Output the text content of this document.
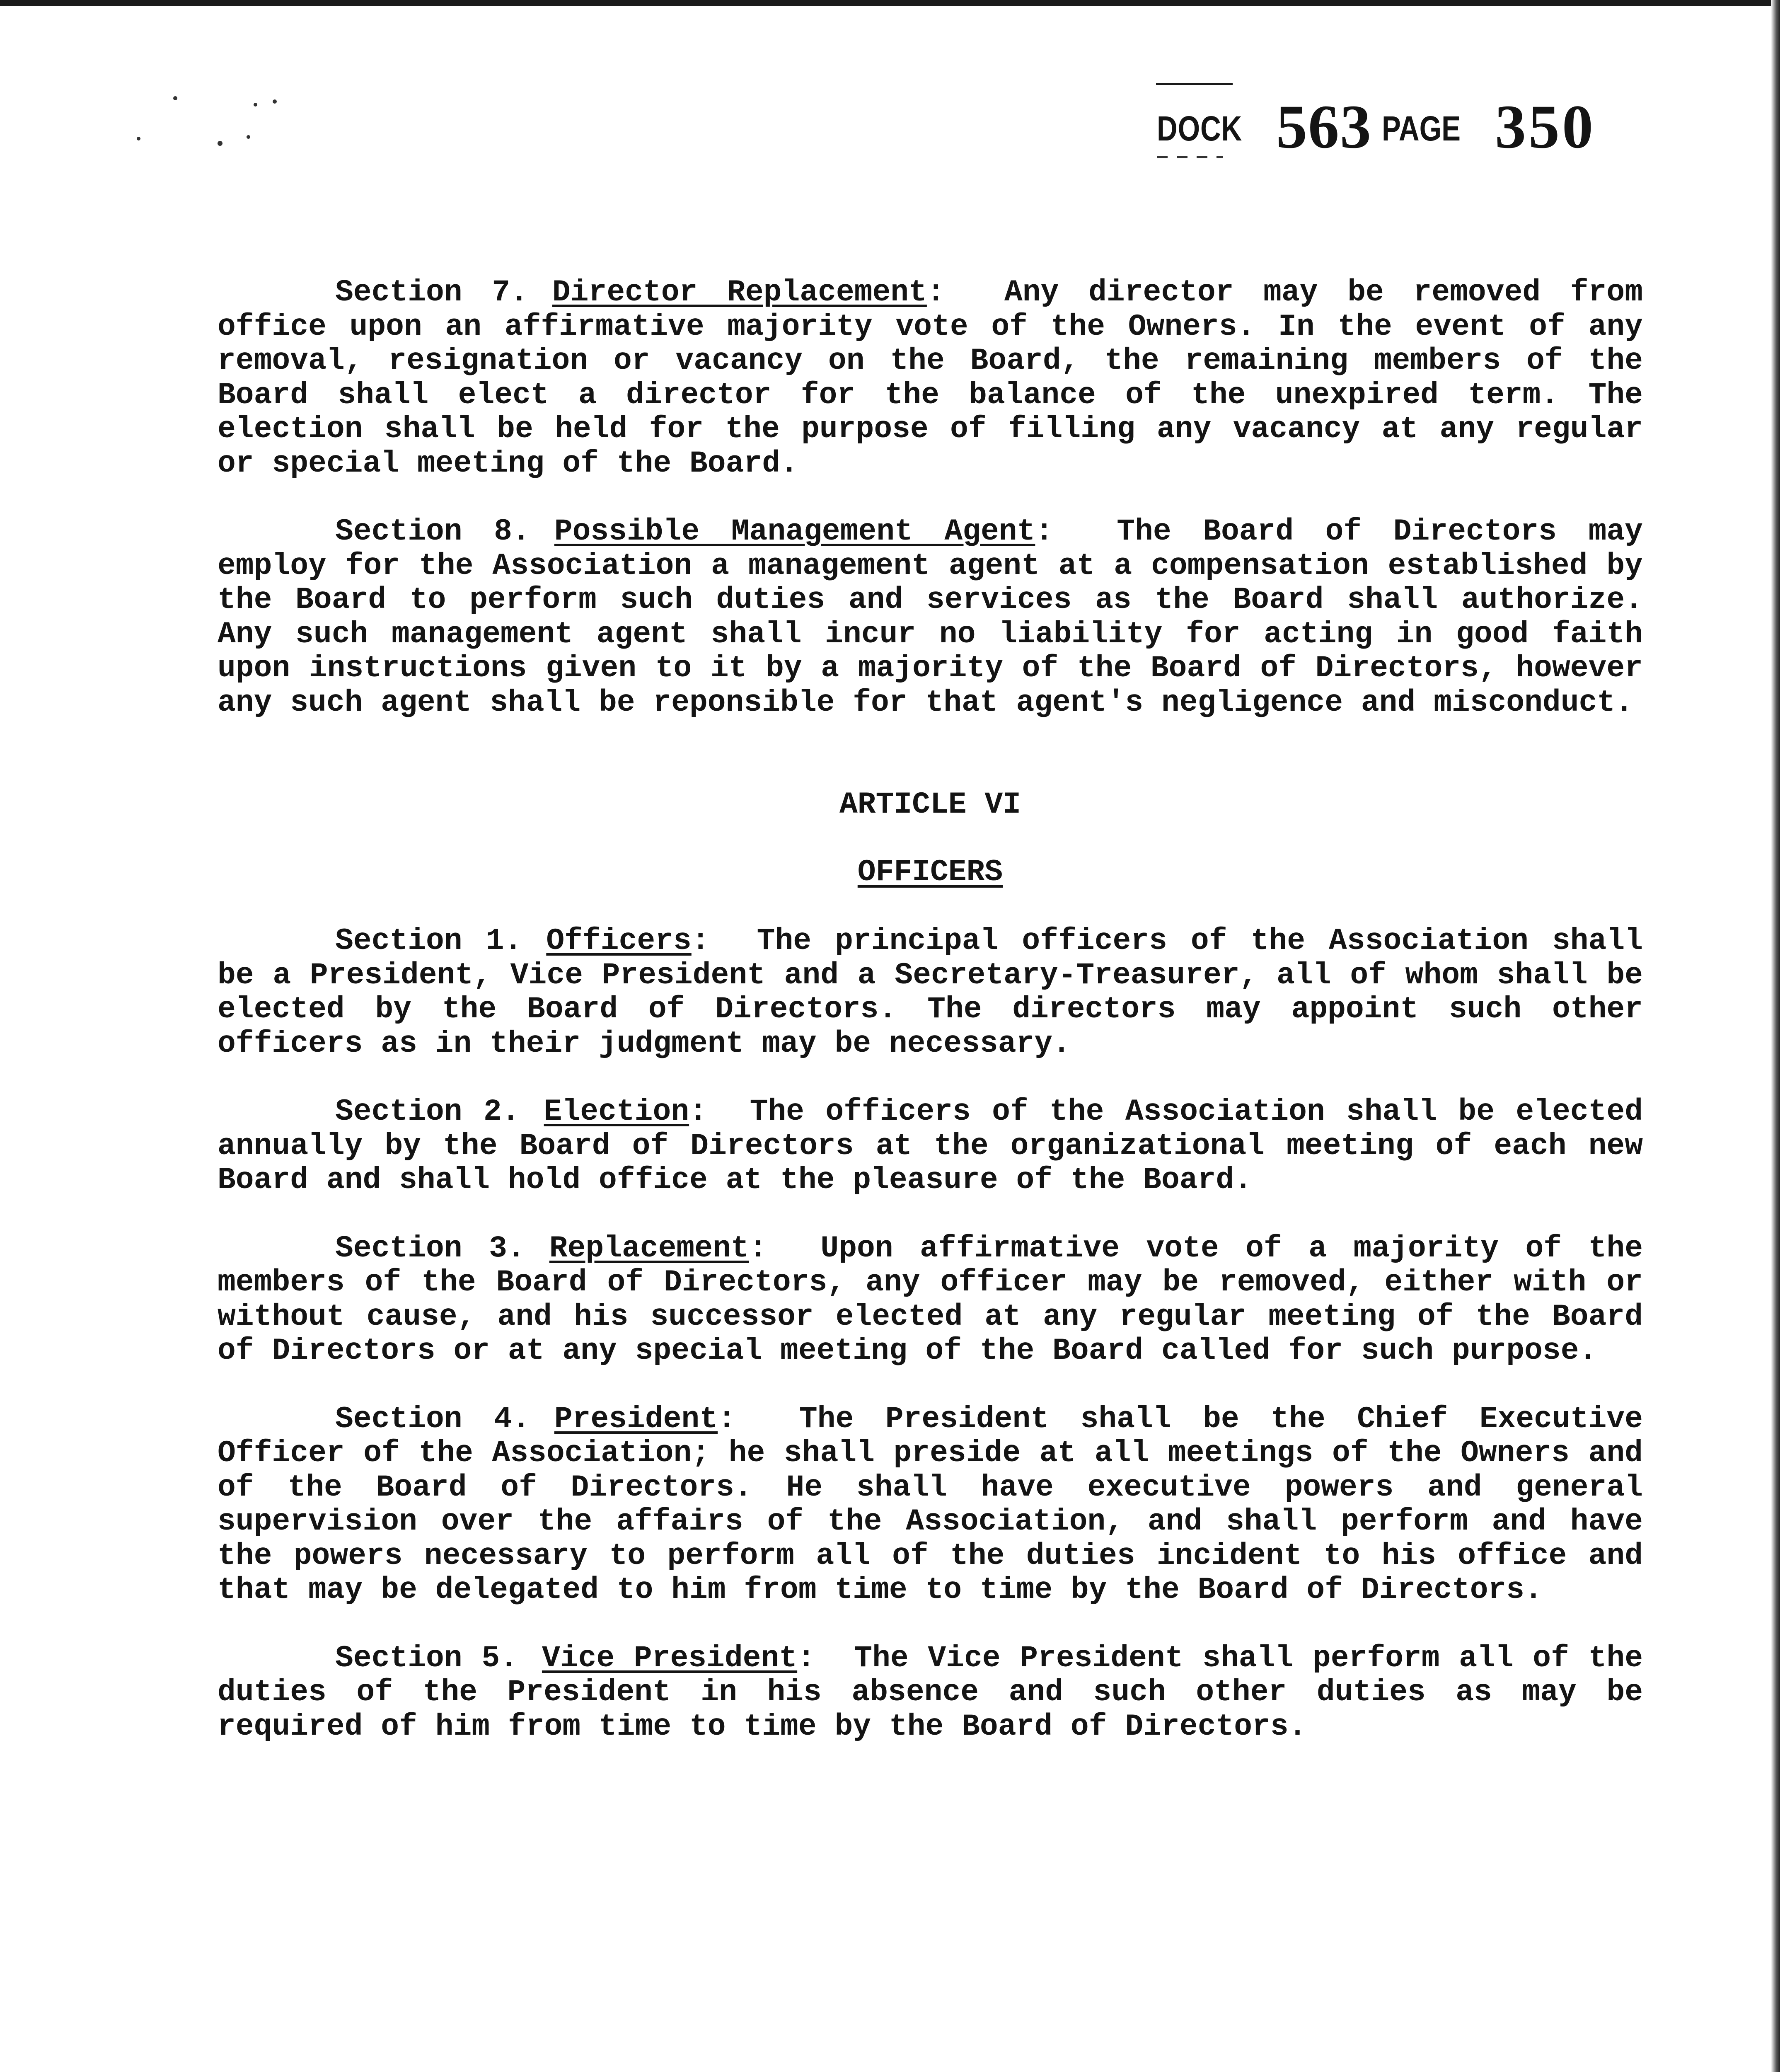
DOCK 563 PAGE 350

Section 7. Director Replacement:  Any director may be removed from office upon an affirmative majority vote of the Owners. In the event of any removal, resignation or vacancy on the Board, the remaining members of the Board shall elect a director for the balance of the unexpired term. The election shall be held for the purpose of filling any vacancy at any regular or special meeting of the Board.

Section 8. Possible Management Agent:  The Board of Directors may employ for the Association a management agent at a compensation established by the Board to perform such duties and services as the Board shall authorize. Any such management agent shall incur no liability for acting in good faith upon instructions given to it by a majority of the Board of Directors, however any such agent shall be reponsible for that agent's negligence and misconduct.

ARTICLE VI
OFFICERS

Section 1. Officers:  The principal officers of the Association shall be a President, Vice President and a Secretary-Treasurer, all of whom shall be elected by the Board of Directors. The directors may appoint such other officers as in their judgment may be necessary.

Section 2. Election:  The officers of the Association shall be elected annually by the Board of Directors at the organizational meeting of each new Board and shall hold office at the pleasure of the Board.

Section 3. Replacement:  Upon affirmative vote of a majority of the members of the Board of Directors, any officer may be removed, either with or without cause, and his successor elected at any regular meeting of the Board of Directors or at any special meeting of the Board called for such purpose.

Section 4. President:  The President shall be the Chief Executive Officer of the Association; he shall preside at all meetings of the Owners and of the Board of Directors. He shall have executive powers and general supervision over the affairs of the Association, and shall perform and have the powers necessary to perform all of the duties incident to his office and that may be delegated to him from time to time by the Board of Directors.

Section 5. Vice President:  The Vice President shall perform all of the duties of the President in his absence and such other duties as may be required of him from time to time by the Board of Directors.
